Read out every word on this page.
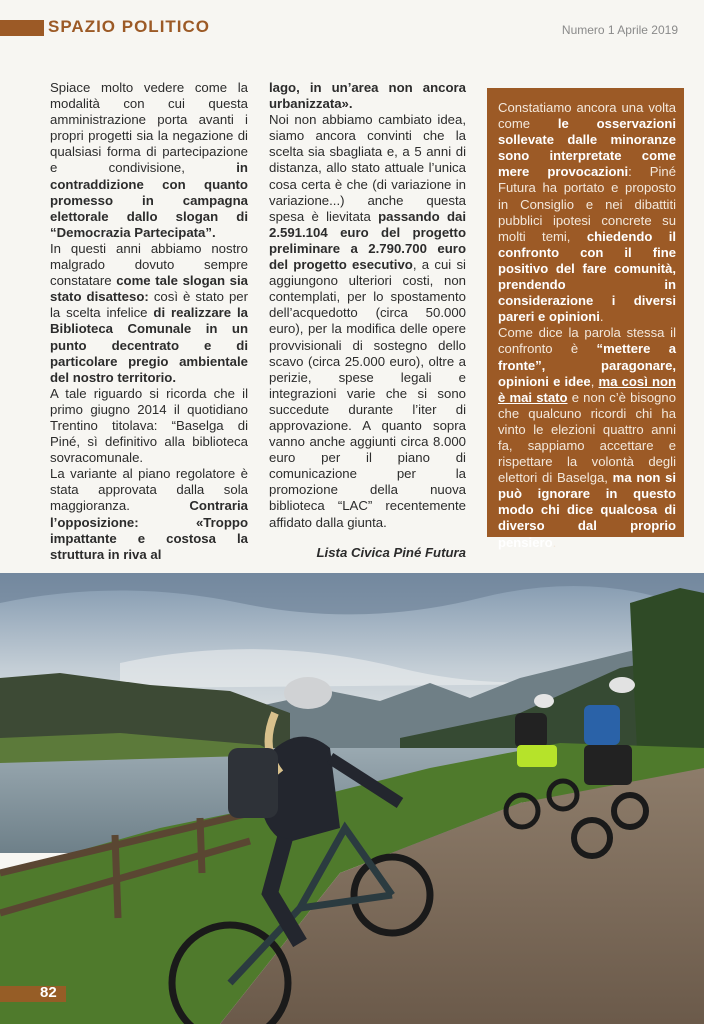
SPAZIO POLITICO	Numero 1 Aprile 2019

Spiace molto vedere come la modalità con cui questa amministrazione porta avanti i propri progetti sia la negazione di qualsiasi forma di partecipazione e condivisione, in contraddizione con quanto promesso in campagna elettorale dallo slogan di “Democrazia Partecipata”.

In questi anni abbiamo nostro malgrado dovuto sempre constatare come tale slogan sia stato disatteso: così è stato per la scelta infelice di realizzare la Biblioteca Comunale in un punto decentrato e di particolare pregio ambientale del nostro territorio.

A tale riguardo si ricorda che il primo giugno 2014 il quotidiano Trentino titolava: “Baselga di Piné, sì definitivo alla biblioteca sovracomunale.

La variante al piano regolatore è stata approvata dalla sola maggioranza. Contraria l’opposizione: «Troppo impattante e costosa la struttura in riva al

lago, in un’area non ancora urbanizzata».

Noi non abbiamo cambiato idea, siamo ancora convinti che la scelta sia sbagliata e, a 5 anni di distanza, allo stato attuale l’unica cosa certa è che (di variazione in variazione...) anche questa spesa è lievitata passando dai 2.591.104 euro del progetto preliminare a 2.790.700 euro del progetto esecutivo, a cui si aggiungono ulteriori costi, non contemplati, per lo spostamento dell’acquedotto (circa 50.000 euro), per la modifica delle opere provvisionali di sostegno dello scavo (circa 25.000 euro), oltre a perizie, spese legali e integrazioni varie che si sono succedute durante l’iter di approvazione. A quanto sopra vanno anche aggiunti circa 8.000 euro per il piano di comunicazione per la promozione della nuova biblioteca “LAC” recentemente affidato dalla giunta.

Lista Civica Piné Futura

Constatiamo ancora una volta come le osservazioni sollevate dalle minoranze sono interpretate come mere provocazioni: Piné Futura ha portato e proposto in Consiglio e nei dibattiti pubblici ipotesi concrete su molti temi, chiedendo il confronto con il fine positivo del fare comunità, prendendo in considerazione i diversi pareri e opinioni.

Come dice la parola stessa il confronto è “mettere a fronte”, paragonare, opinioni e idee, ma così non è mai stato e non c’è bisogno che qualcuno ricordi chi ha vinto le elezioni quattro anni fa, sappiamo accettare e rispettare la volontà degli elettori di Baselga, ma non si può ignorare in questo modo chi dice qualcosa di diverso dal proprio pensiero.

82
